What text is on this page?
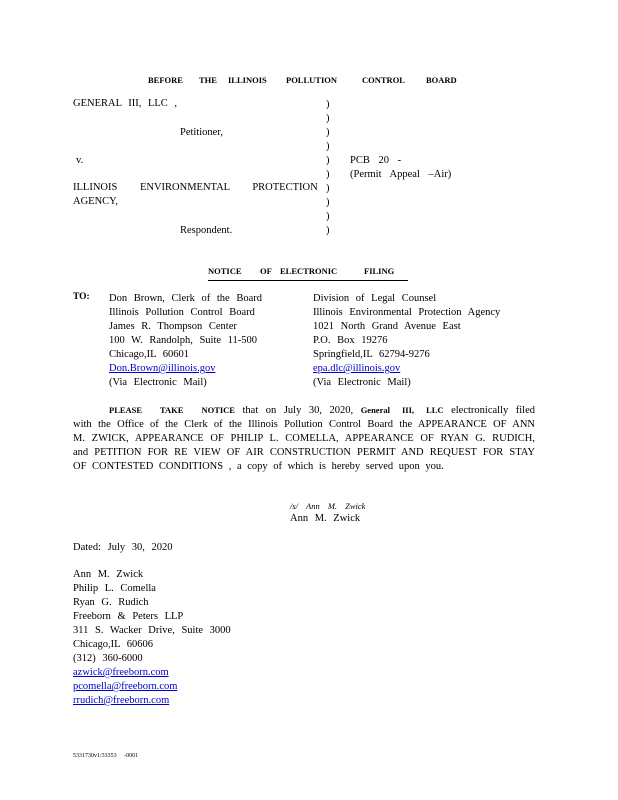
BEFORE THE ILLINOIS POLLUTION	CONTROL BOARD
GENERAL III, LLC ,
Petitioner,
v.
ILLINOIS ENVIRONMENTAL PROTECTION
AGENCY,
Respondent.
)
)
)
)
)
)
)
)
)
)
PCB 20 -
(Permit Appeal –Air)
NOTICE OF ELECTRONIC	FILING
TO: Don Brown, Clerk of the Board
Illinois Pollution Control Board
James R. Thompson Center
100 W. Randolph, Suite 11-500
Chicago,IL 60601
Don.Brown@illinois.gov
(Via Electronic Mail)
Division of Legal Counsel
Illinois Environmental Protection Agency
1021 North Grand Avenue East
P.O. Box 19276
Springfield,IL 62794-9276
epa.dlc@illinois.gov
(Via Electronic Mail)
PLEASE TAKE NOTICE that on July 30, 2020, General III, LLC electronically filed with the Office of the Clerk of the Illinois Pollution Control Board the APPEARANCE OF ANN M. ZWICK, APPEARANCE OF PHILIP L. COMELLA, APPEARANCE OF RYAN G. RUDICH, and PETITION FOR RE VIEW OF AIR CONSTRUCTION PERMIT AND REQUEST FOR STAY OF CONTESTED CONDITIONS , a copy of which is hereby served upon you.
/s/ Ann M. Zwick
Ann M. Zwick
Dated: July 30, 2020
Ann M. Zwick
Philip L. Comella
Ryan G. Rudich
Freeborn & Peters LLP
311 S. Wacker Drive, Suite 3000
Chicago,IL 60606
(312) 360-6000
azwick@freeborn.com
pcomella@freeborn.com
rrudich@freeborn.com
5331730v1/33353 -0001
